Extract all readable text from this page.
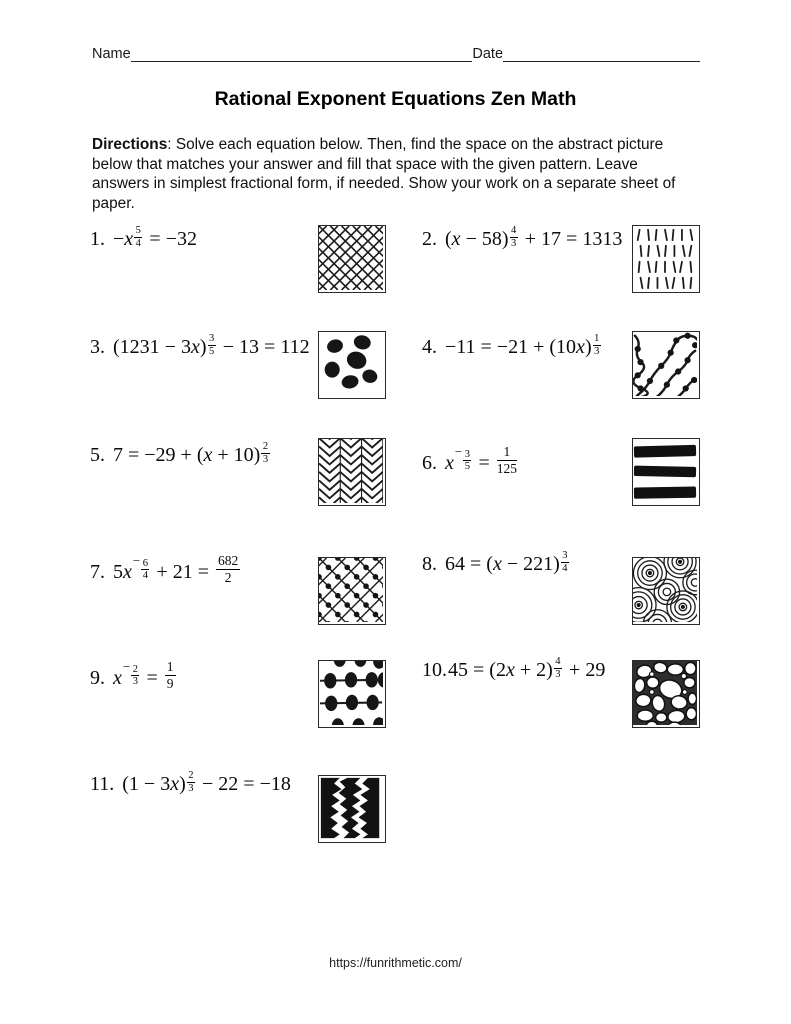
Name	Date
Rational Exponent Equations Zen Math

Directions: Solve each equation below. Then, find the space on the abstract picture below that matches your answer and fill that space with the given pattern. Leave answers in simplest fractional form, if needed. Show your work on a separate sheet of paper.

1. $-x \frac{5}{4} = -32$	2. $(x - 58) \frac{4}{3} + 17 = 1313$
3. $(1231 - 3x) \frac{3}{5} - 13 = 112$	4. $-11 = -21 + (10x) \frac{1}{3}$
5. $7 = -29 + (x + 10) \frac{2}{3}$	6. $x- \frac{3}{5} = \frac{1}{125}$
7. $5x- \frac{6}{4} + 21 = \frac{682}{2}$	8. $64 = (x - 221) \frac{3}{4}$
9. $x- \frac{2}{3} = \frac{1}{9}$	$10.45 = (2x + 2) \frac{4}{3} + 29$
11. $(1 - 3x) \frac{2}{3} - 22 = -18$
https://funrithmetic.com/
